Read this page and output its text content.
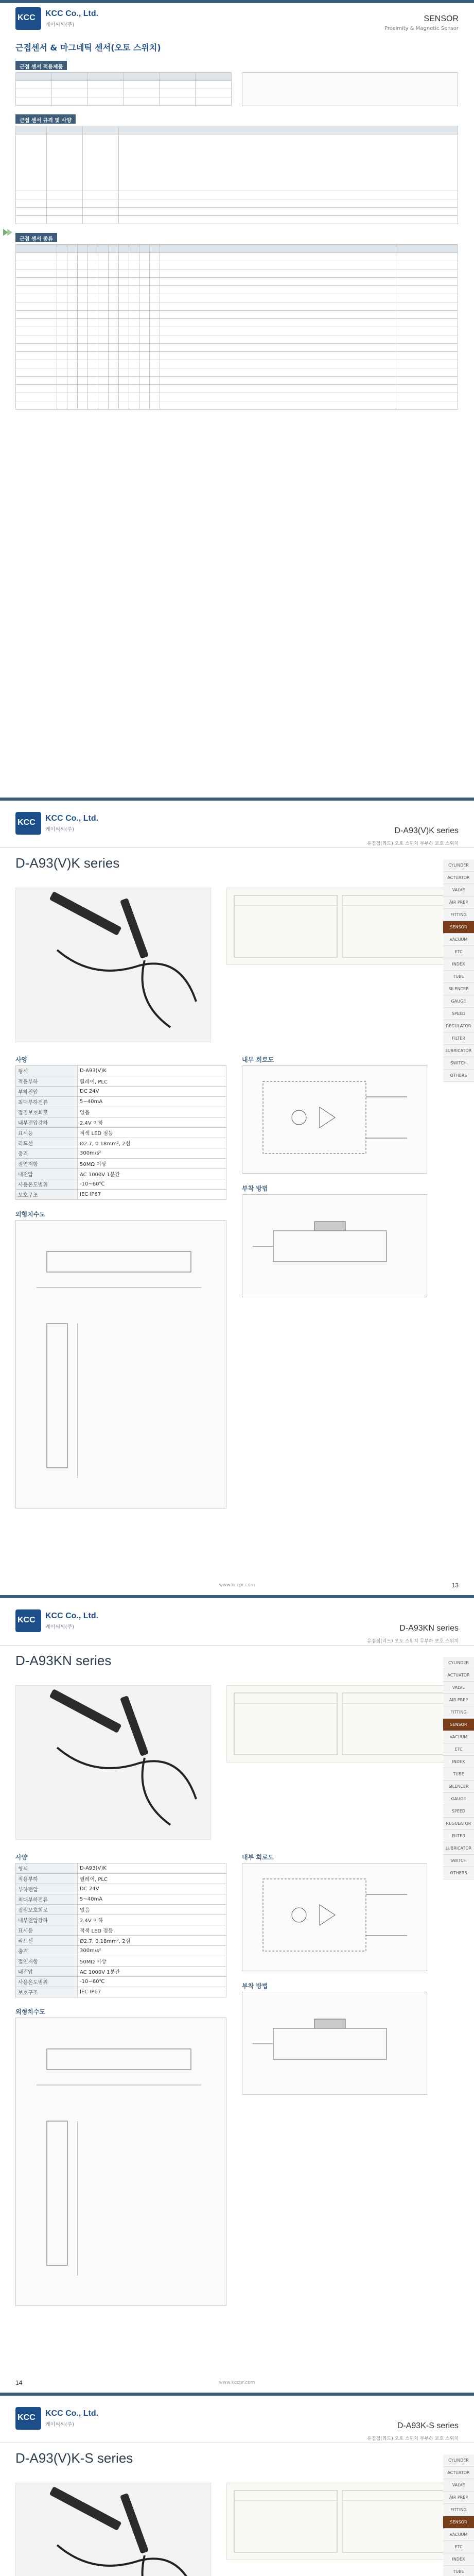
KCC KCC Co., Ltd.
케이씨씨(주)
SENSOR
Proximity & Magnetic Sensor
근접센서 & 마그네틱 센서(오토 스위치)
근접 센서 적용제품

근접 센서 규격 및 사양

근접 센서 종류

KCC KCC Co., Ltd.
케이씨씨(주)	D-A93(V)K series
유접점(리드) 오토 스위치 무부하 보호 스위치
D-A93(V)K series
사양
형식	D-A93(V)K
적용부하	릴레이, PLC
부하전압	DC 24V
최대부하전류	5~40mA
접점보호회로	없음
내부전압강하	2.4V 이하
표시등	적색 LED 점등
리드선	Ø2.7, 0.18mm², 2심
충격	300m/s²
절연저항	50MΩ 이상
내전압	AC 1000V 1분간
사용온도범위	-10~60℃
보호구조	IEC IP67
내부 회로도
부착 방법
외형치수도
CYLINDER
ACTUATOR
VALVE
AIR PREP
FITTING
SENSOR
VACUUM
ETC
INDEX
TUBE
SILENCER
GAUGE
SPEED
REGULATOR
FILTER
LUBRICATOR
SWITCH
OTHERS
www.kccpr.com	13
KCC KCC Co., Ltd.
케이씨씨(주)	D-A93KN series
유접점(리드) 오토 스위치 무부하 보호 스위치
D-A93KN series
사양
형식	D-A93(V)K
적용부하	릴레이, PLC
부하전압	DC 24V
최대부하전류	5~40mA
접점보호회로	없음
내부전압강하	2.4V 이하
표시등	적색 LED 점등
리드선	Ø2.7, 0.18mm², 2심
충격	300m/s²
절연저항	50MΩ 이상
내전압	AC 1000V 1분간
사용온도범위	-10~60℃
보호구조	IEC IP67
내부 회로도
부착 방법
외형치수도
CYLINDER
ACTUATOR
VALVE
AIR PREP
FITTING
SENSOR
VACUUM
ETC
INDEX
TUBE
SILENCER
GAUGE
SPEED
REGULATOR
FILTER
LUBRICATOR
SWITCH
OTHERS
www.kccpr.com
14
KCC KCC Co., Ltd.
케이씨씨(주)	D-A93K-S series
유접점(리드) 오토 스위치 무부하 보호 스위치
D-A93(V)K-S series

		CYLINDER
ACTUATOR
VALVE
AIR PREP
FITTING
SENSOR
VACUUM
ETC
INDEX
TUBE
